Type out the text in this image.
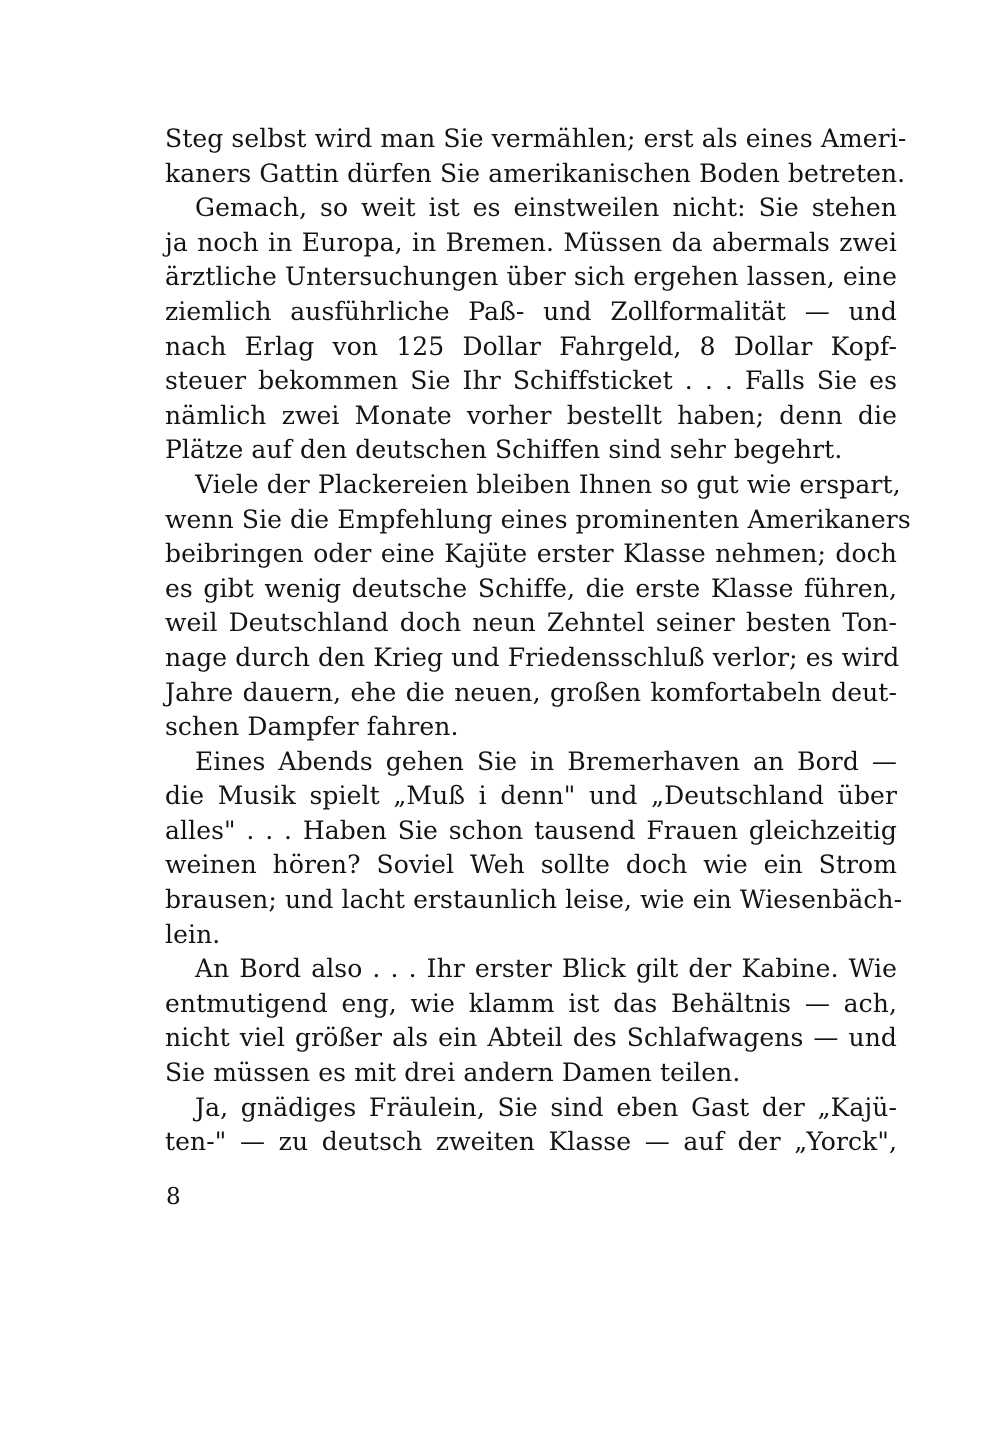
Steg selbst wird man Sie vermählen; erst als eines Ameri-
kaners Gattin dürfen Sie amerikanischen Boden betreten.

Gemach, so weit ist es einstweilen nicht: Sie stehen
ja noch in Europa, in Bremen. Müssen da abermals zwei
ärztliche Untersuchungen über sich ergehen lassen, eine
ziemlich ausführliche Paß- und Zollformalität — und
nach Erlag von 125 Dollar Fahrgeld, 8 Dollar Kopf-
steuer bekommen Sie Ihr Schiffsticket . . . Falls Sie es
nämlich zwei Monate vorher bestellt haben; denn die
Plätze auf den deutschen Schiffen sind sehr begehrt.

Viele der Plackereien bleiben Ihnen so gut wie erspart,
wenn Sie die Empfehlung eines prominenten Amerikaners
beibringen oder eine Kajüte erster Klasse nehmen; doch
es gibt wenig deutsche Schiffe, die erste Klasse führen,
weil Deutschland doch neun Zehntel seiner besten Ton-
nage durch den Krieg und Friedensschluß verlor; es wird
Jahre dauern, ehe die neuen, großen komfortabeln deut-
schen Dampfer fahren.

Eines Abends gehen Sie in Bremerhaven an Bord —
die Musik spielt „Muß i denn" und „Deutschland über
alles" . . . Haben Sie schon tausend Frauen gleichzeitig
weinen hören? Soviel Weh sollte doch wie ein Strom
brausen; und lacht erstaunlich leise, wie ein Wiesenbäch-
lein.

An Bord also . . . Ihr erster Blick gilt der Kabine. Wie
entmutigend eng, wie klamm ist das Behältnis — ach,
nicht viel größer als ein Abteil des Schlafwagens — und
Sie müssen es mit drei andern Damen teilen.

Ja, gnädiges Fräulein, Sie sind eben Gast der „Kajü-
ten-" — zu deutsch zweiten Klasse — auf der „Yorck",

8
